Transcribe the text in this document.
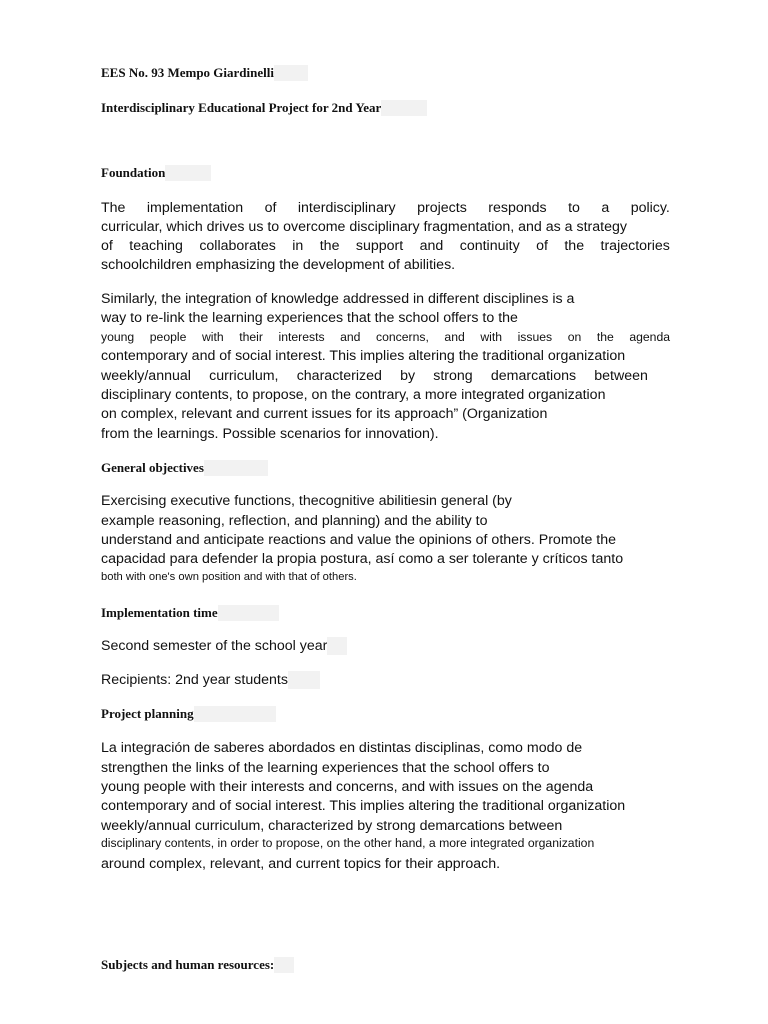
EES No. 93 Mempo Giardinelli
Interdisciplinary Educational Project for 2nd Year
Foundation
The implementation of interdisciplinary projects responds to a policy.
curricular, which drives us to overcome disciplinary fragmentation, and as a strategy
of teaching collaborates in the support and continuity of the trajectories
schoolchildren emphasizing the development of abilities.
Similarly, the integration of knowledge addressed in different disciplines is a
way to re-link the learning experiences that the school offers to the
young people with their interests and concerns, and with issues on the agenda
contemporary and of social interest. This implies altering the traditional organization
weekly/annual curriculum, characterized by strong demarcations between
disciplinary contents, to propose, on the contrary, a more integrated organization
on complex, relevant and current issues for its approach” (Organization
from the learnings. Possible scenarios for innovation).
General objectives
Exercising executive functions, thecognitive abilitiesin general (by
example reasoning, reflection, and planning) and the ability to
understand and anticipate reactions and value the opinions of others. Promote the
capacidad para defender la propia postura, así como a ser tolerante y críticos tanto
both with one's own position and with that of others.
Implementation time
Second semester of the school year
Recipients: 2nd year students
Project planning
La integración de saberes abordados en distintas disciplinas, como modo de
strengthen the links of the learning experiences that the school offers to
young people with their interests and concerns, and with issues on the agenda
contemporary and of social interest. This implies altering the traditional organization
weekly/annual curriculum, characterized by strong demarcations between
disciplinary contents, in order to propose, on the other hand, a more integrated organization
around complex, relevant, and current topics for their approach.
Subjects and human resources:
